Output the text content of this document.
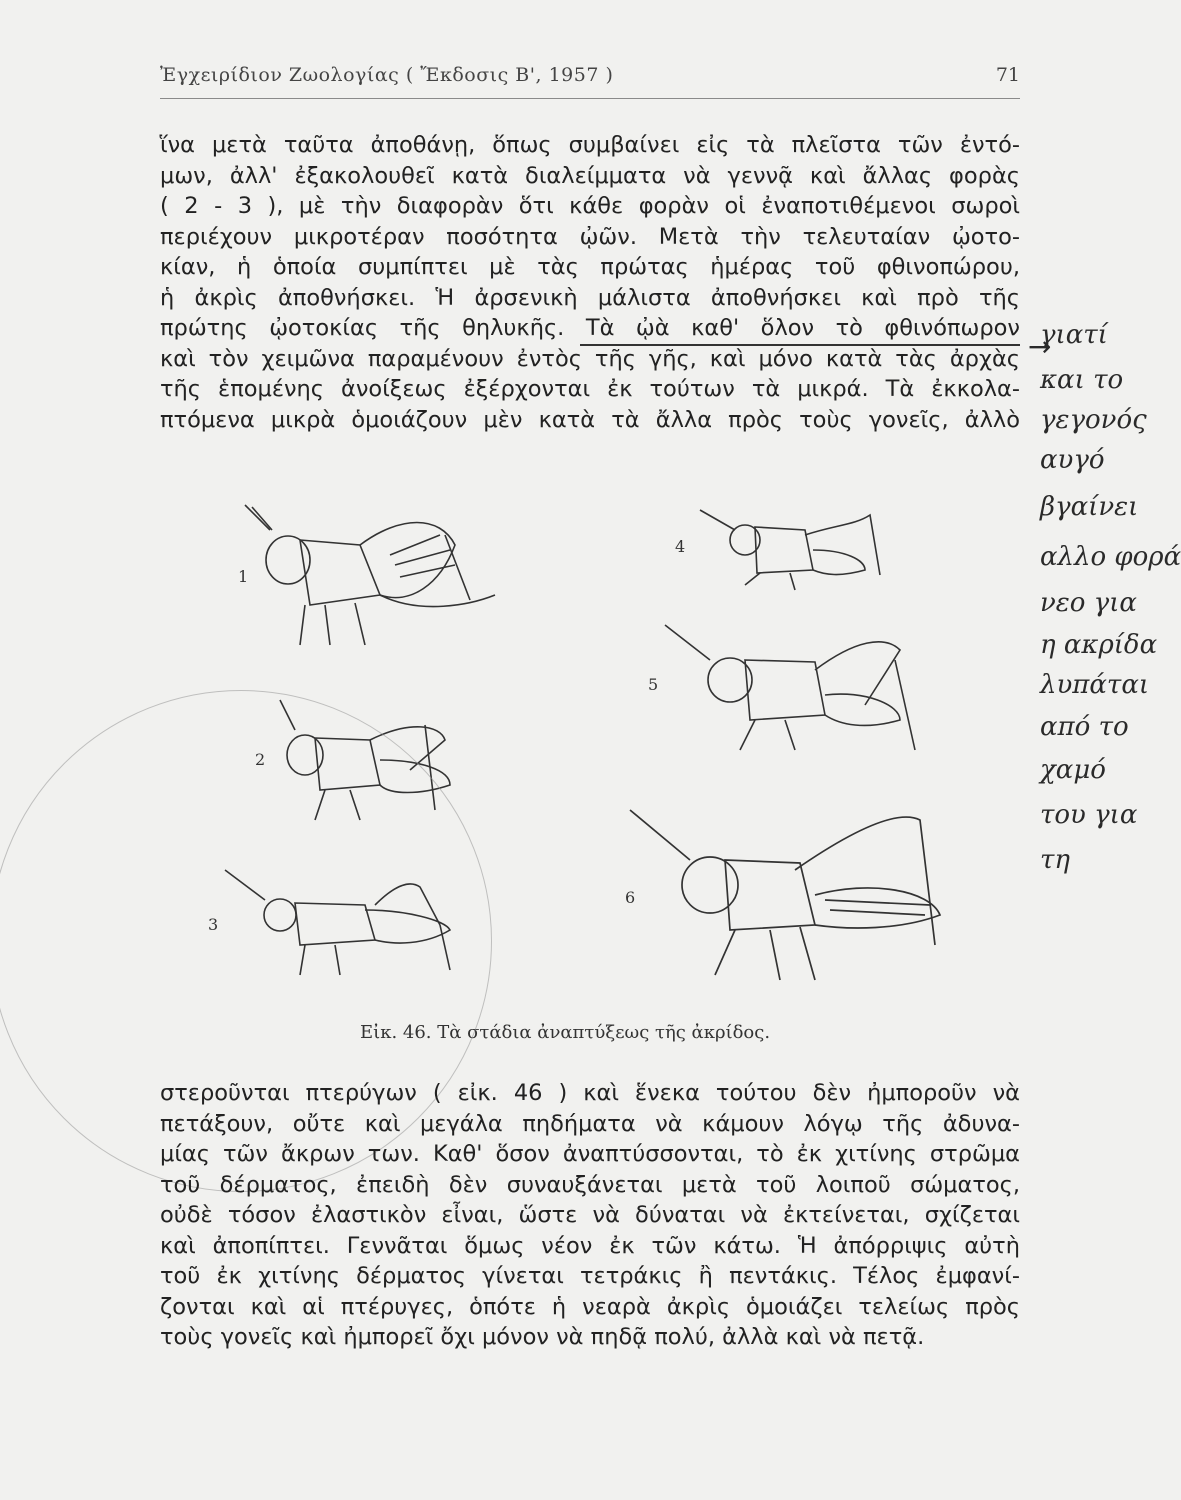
Ἐγχειρίδιον Ζωολογίας ( Ἔκδοσις Β', 1957 )	71
ἵνα μετὰ ταῦτα ἀποθάνῃ, ὅπως συμβαίνει εἰς τὰ πλεῖστα τῶν ἐντό-
μων, ἀλλ' ἐξακολουθεῖ κατὰ διαλείμματα νὰ γεννᾷ καὶ ἄλλας φορὰς
( 2 - 3 ), μὲ τὴν διαφορὰν ὅτι κάθε φορὰν οἱ ἐναποτιθέμενοι σωροὶ
περιέχουν μικροτέραν ποσότητα ᾠῶν. Μετὰ τὴν τελευταίαν ᾠοτο-
κίαν, ἡ ὁποία συμπίπτει μὲ τὰς πρώτας ἡμέρας τοῦ φθινοπώρου,
ἡ ἀκρὶς ἀποθνήσκει. Ἡ ἀρσενικὴ μάλιστα ἀποθνήσκει καὶ πρὸ τῆς
πρώτης ᾠοτοκίας τῆς θηλυκῆς. Τὰ ᾠὰ καθ' ὅλον τὸ φθινόπωρον
καὶ τὸν χειμῶνα παραμένουν ἐντὸς τῆς γῆς, καὶ μόνο κατὰ τὰς ἀρχὰς
τῆς ἑπομένης ἀνοίξεως ἐξέρχονται ἐκ τούτων τὰ μικρά. Τὰ ἐκκολα-
πτόμενα μικρὰ ὁμοιάζουν μὲν κατὰ τὰ ἄλλα πρὸς τοὺς γονεῖς, ἀλλὸ
→
1
2
3
4
5
6
Εἰκ. 46. Τὰ στάδια ἀναπτύξεως τῆς ἀκρίδος.
στεροῦνται πτερύγων ( εἰκ. 46 ) καὶ ἕνεκα τούτου δὲν ἠμποροῦν νὰ
πετάξουν, οὔτε καὶ μεγάλα πηδήματα νὰ κάμουν λόγῳ τῆς ἀδυνα-
μίας τῶν ἄκρων των. Καθ' ὅσον ἀναπτύσσονται, τὸ ἐκ χιτίνης στρῶμα
τοῦ δέρματος, ἐπειδὴ δὲν συναυξάνεται μετὰ τοῦ λοιποῦ σώματος,
οὐδὲ τόσον ἐλαστικὸν εἶναι, ὥστε νὰ δύναται νὰ ἐκτείνεται, σχίζεται
καὶ ἀποπίπτει. Γεννᾶται ὅμως νέον ἐκ τῶν κάτω. Ἡ ἀπόρριψις αὐτὴ
τοῦ ἐκ χιτίνης δέρματος γίνεται τετράκις ἢ πεντάκις. Τέλος ἐμφανί-
ζονται καὶ αἱ πτέρυγες, ὁπότε ἡ νεαρὰ ἀκρὶς ὁμοιάζει τελείως πρὸς
τοὺς γονεῖς καὶ ἠμπορεῖ ὄχι μόνον νὰ πηδᾷ πολύ, ἀλλὰ καὶ νὰ πετᾷ.
γιατί
και το
γεγονός
αυγό
βγαίνει
αλλο φορά
νεο για
η ακρίδα
λυπάται
από το
χαμό
του για
τη
